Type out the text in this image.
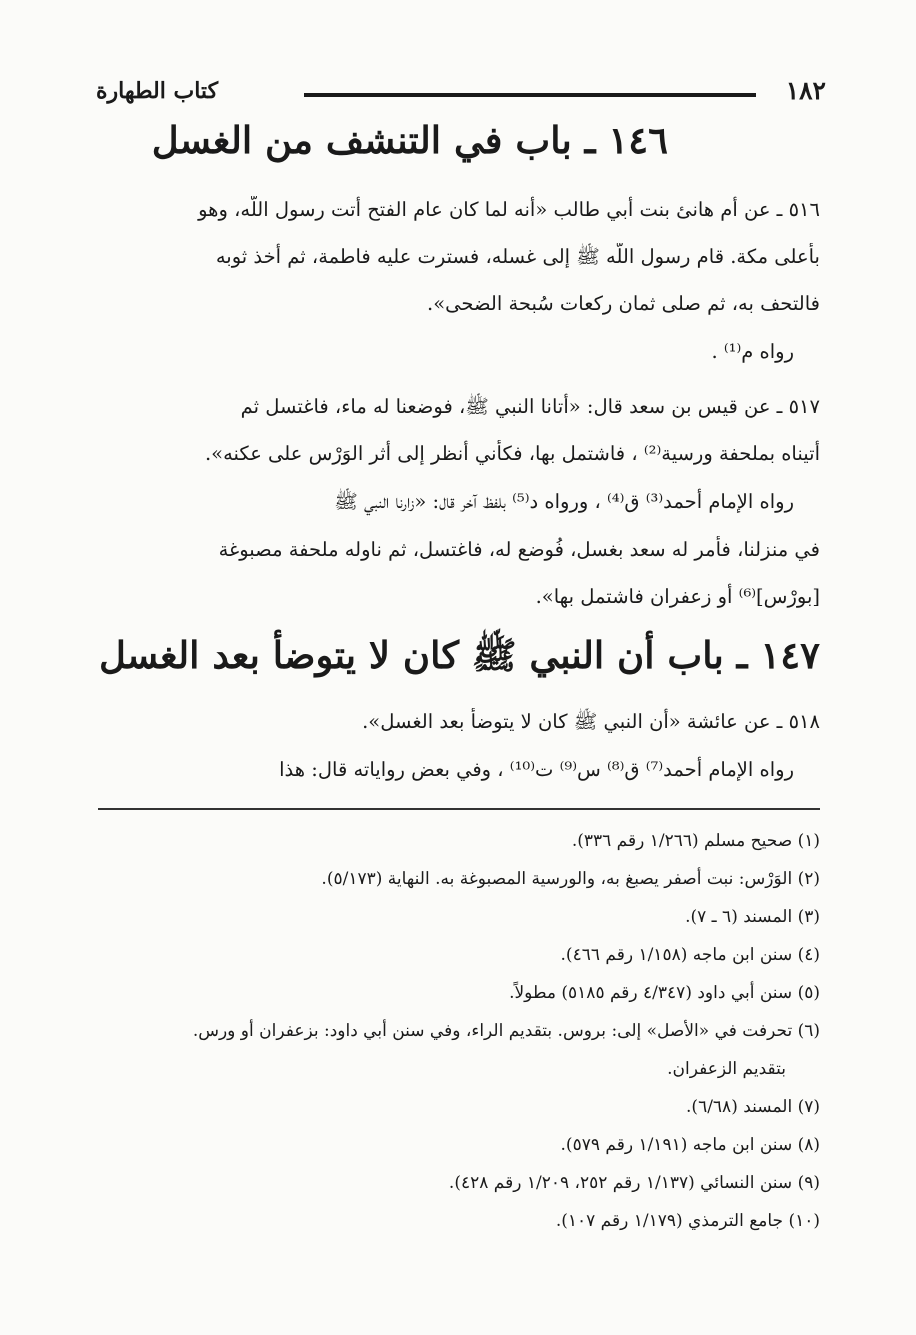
١٨٢
كتاب الطهارة
١٤٦ ـ باب في التنشف من الغسل
٥١٦ ـ عن أم هانئ بنت أبي طالب «أنه لما كان عام الفتح أتت رسول اللّه، وهو
بأعلى مكة. قام رسول اللّه ﷺ إلى غسله، فسترت عليه فاطمة، ثم أخذ ثوبه
فالتحف به، ثم صلى ثمان ركعات سُبحة الضحى».
رواه م⁽¹⁾ .
٥١٧ ـ عن قيس بن سعد قال: «أتانا النبي ﷺ، فوضعنا له ماء، فاغتسل ثم
أتيناه بملحفة ورسية⁽²⁾ ، فاشتمل بها، فكأني أنظر إلى أثر الوَرْس على عكنه».
رواه الإمام أحمد⁽³⁾ ق⁽⁴⁾ ، ورواه د⁽⁵⁾ بلفظ آخر قال: «زارنا النبي ﷺ
في منزلنا، فأمر له سعد بغسل، فُوضع له، فاغتسل، ثم ناوله ملحفة مصبوغة
[بورْس]⁽⁶⁾ أو زعفران فاشتمل بها».
١٤٧ ـ باب أن النبي ﷺ كان لا يتوضأ بعد الغسل
٥١٨ ـ عن عائشة «أن النبي ﷺ كان لا يتوضأ بعد الغسل».
رواه الإمام أحمد⁽⁷⁾ ق⁽⁸⁾ س⁽⁹⁾ ت⁽¹⁰⁾ ، وفي بعض رواياته قال: هذا
(١) صحيح مسلم (١/٢٦٦ رقم ٣٣٦).
(٢) الوَرْس: نبت أصفر يصبغ به، والورسية المصبوغة به. النهاية (٥/١٧٣).
(٣) المسند (٦ ـ ٧).
(٤) سنن ابن ماجه (١/١٥٨ رقم ٤٦٦).
(٥) سنن أبي داود (٤/٣٤٧ رقم ٥١٨٥) مطولاً.
(٦) تحرفت في «الأصل» إلى: بروس. بتقديم الراء، وفي سنن أبي داود: بزعفران أو ورس.
بتقديم الزعفران.
(٧) المسند (٦/٦٨).
(٨) سنن ابن ماجه (١/١٩١ رقم ٥٧٩).
(٩) سنن النسائي (١/١٣٧ رقم ٢٥٢، ١/٢٠٩ رقم ٤٢٨).
(١٠) جامع الترمذي (١/١٧٩ رقم ١٠٧).
